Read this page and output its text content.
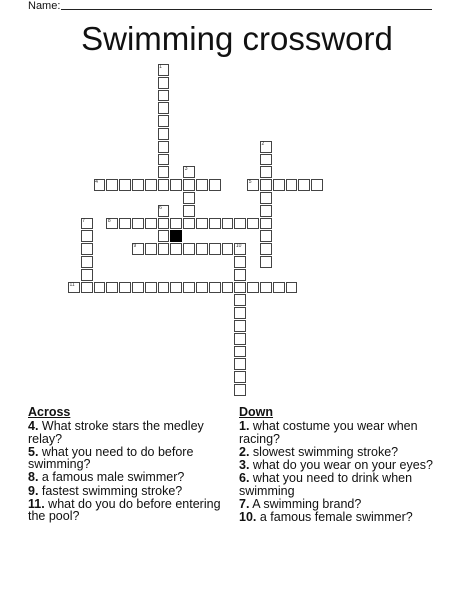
Name:
Swimming crossword
1
2
3
4	5
6
7	8
9	10
11
Across
4. What stroke stars the medley relay?
5. what you need to do before swimming?
8. a famous male swimmer?
9. fastest swimming stroke?
11. what do you do before entering the pool?
Down
1. what costume you wear when racing?
2. slowest swimming stroke?
3. what do you wear on your eyes?
6. what you need to drink when swimming
7. A swimming brand?
10. a famous female swimmer?
